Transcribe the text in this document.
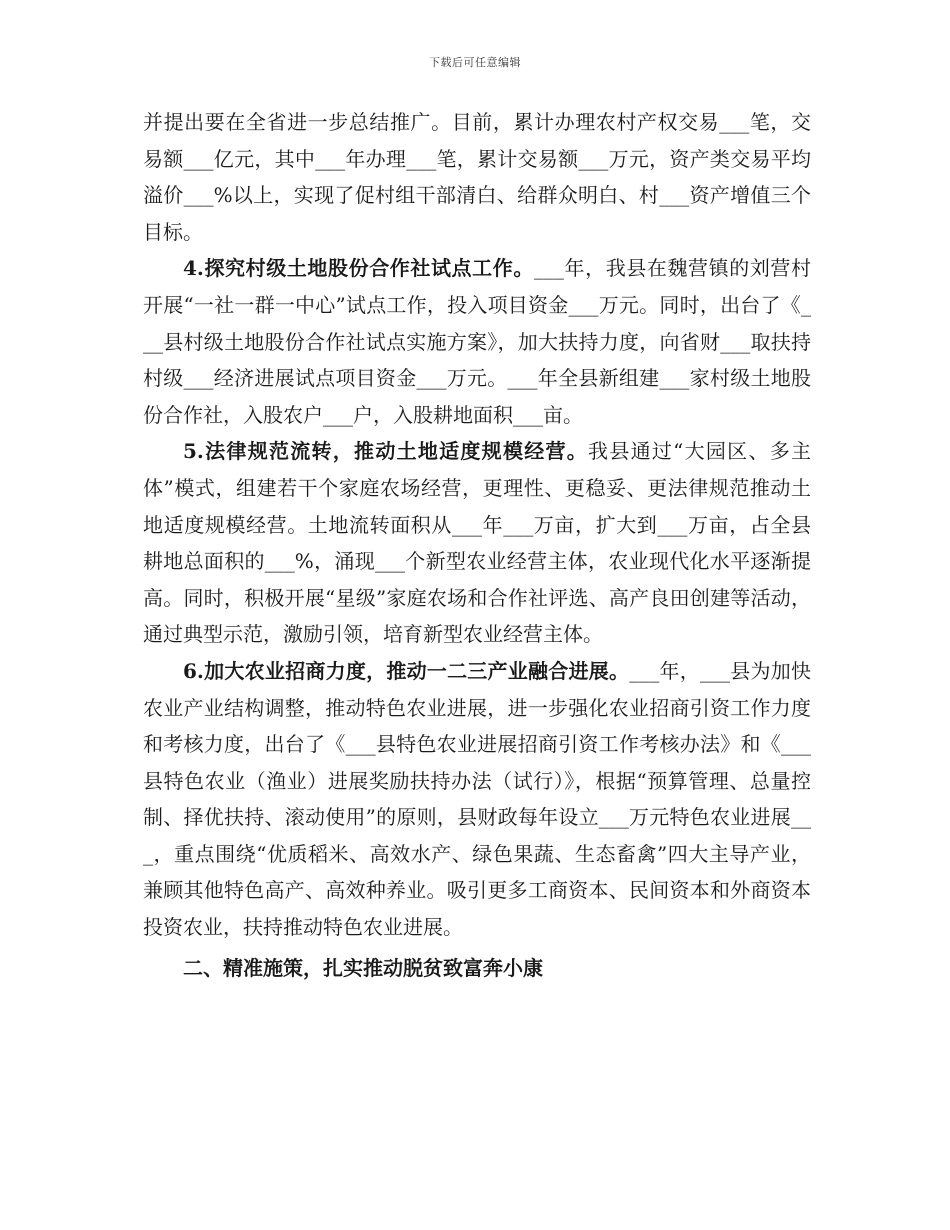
下载后可任意编辑

并提出要在全省进一步总结推广。目前，累计办理农村产权交易___笔，交易额___亿元，其中___年办理___笔，累计交易额___万元，资产类交易平均溢价___%以上，实现了促村组干部清白、给群众明白、村___资产增值三个目标。

4.探究村级土地股份合作社试点工作。___年，我县在魏营镇的刘营村开展“一社一群一中心”试点工作，投入项目资金___万元。同时，出台了《___县村级土地股份合作社试点实施方案》，加大扶持力度，向省财___取扶持村级___经济进展试点项目资金___万元。___年全县新组建___家村级土地股份合作社，入股农户___户，入股耕地面积___亩。

5.法律规范流转，推动土地适度规模经营。我县通过“大园区、多主体”模式，组建若干个家庭农场经营，更理性、更稳妥、更法律规范推动土地适度规模经营。土地流转面积从___年___万亩，扩大到___万亩，占全县耕地总面积的___%，涌现___个新型农业经营主体，农业现代化水平逐渐提高。同时，积极开展“星级”家庭农场和合作社评选、高产良田创建等活动，通过典型示范，激励引领，培育新型农业经营主体。

6.加大农业招商力度，推动一二三产业融合进展。___年，___县为加快农业产业结构调整，推动特色农业进展，进一步强化农业招商引资工作力度和考核力度，出台了《___县特色农业进展招商引资工作考核办法》和《___县特色农业（渔业）进展奖励扶持办法（试行）》，根据“预算管理、总量控制、择优扶持、滚动使用”的原则，县财政每年设立___万元特色农业进展___，重点围绕“优质稻米、高效水产、绿色果蔬、生态畜禽”四大主导产业，兼顾其他特色高产、高效种养业。吸引更多工商资本、民间资本和外商资本投资农业，扶持推动特色农业进展。

二、精准施策，扎实推动脱贫致富奔小康
